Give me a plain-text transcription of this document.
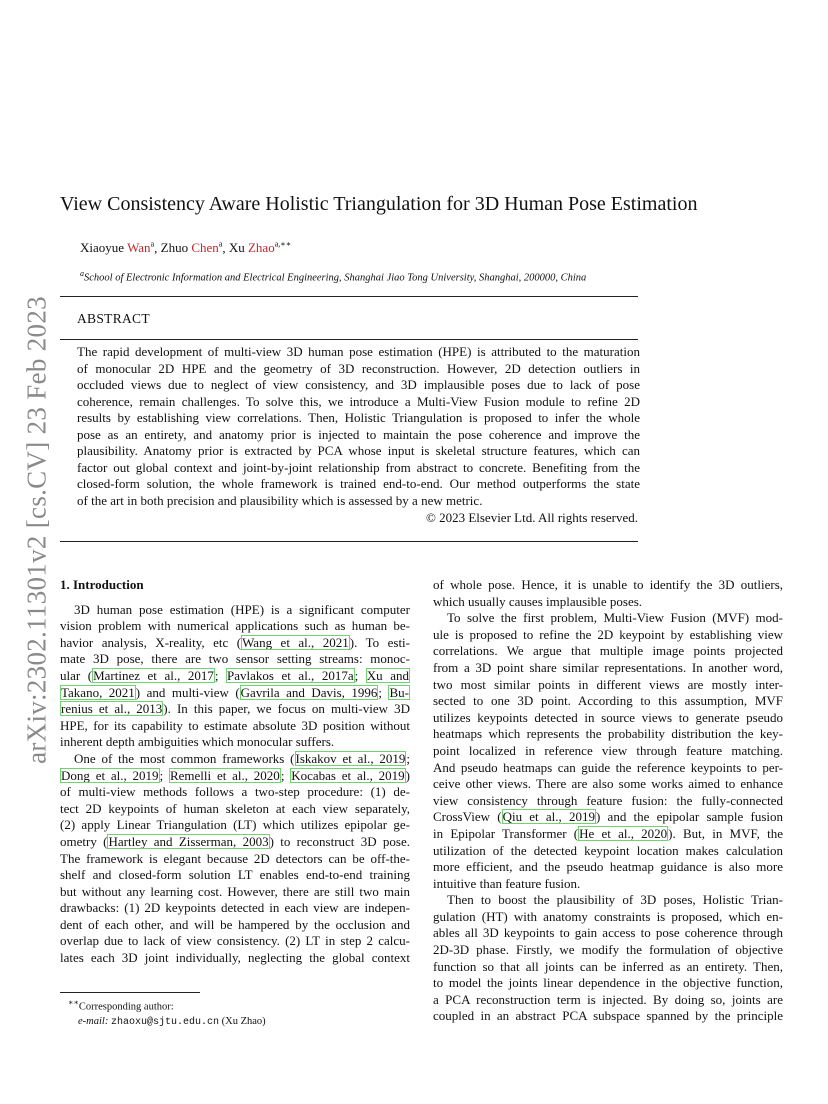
arXiv:2302.11301v2 [cs.CV] 23 Feb 2023
View Consistency Aware Holistic Triangulation for 3D Human Pose Estimation
Xiaoyue Wan$^a$, Zhuo Chen$^a$, Xu Zhao$^{a,∗∗}$
$^a$School of Electronic Information and Electrical Engineering, Shanghai Jiao Tong University, Shanghai, 200000, China
ABSTRACT
The rapid development of multi-view 3D human pose estimation (HPE) is attributed to the maturation
of monocular 2D HPE and the geometry of 3D reconstruction. However, 2D detection outliers in
occluded views due to neglect of view consistency, and 3D implausible poses due to lack of pose
coherence, remain challenges. To solve this, we introduce a Multi-View Fusion module to refine 2D
results by establishing view correlations. Then, Holistic Triangulation is proposed to infer the whole
pose as an entirety, and anatomy prior is injected to maintain the pose coherence and improve the
plausibility. Anatomy prior is extracted by PCA whose input is skeletal structure features, which can
factor out global context and joint-by-joint relationship from abstract to concrete. Benefiting from the
closed-form solution, the whole framework is trained end-to-end. Our method outperforms the state
of the art in both precision and plausibility which is assessed by a new metric.
© 2023 Elsevier Ltd. All rights reserved.
1. Introduction
3D human pose estimation (HPE) is a significant computer
vision problem with numerical applications such as human be-
havior analysis, X-reality, etc (Wang et al., 2021). To esti-
mate 3D pose, there are two sensor setting streams: monoc-
ular (Martinez et al., 2017; Pavlakos et al., 2017a; Xu and
Takano, 2021) and multi-view (Gavrila and Davis, 1996; Bu-
renius et al., 2013). In this paper, we focus on multi-view 3D
HPE, for its capability to estimate absolute 3D position without
inherent depth ambiguities which monocular suffers.
One of the most common frameworks (Iskakov et al., 2019;
Dong et al., 2019; Remelli et al., 2020; Kocabas et al., 2019)
of multi-view methods follows a two-step procedure: (1) de-
tect 2D keypoints of human skeleton at each view separately,
(2) apply Linear Triangulation (LT) which utilizes epipolar ge-
ometry (Hartley and Zisserman, 2003) to reconstruct 3D pose.
The framework is elegant because 2D detectors can be off-the-
shelf and closed-form solution LT enables end-to-end training
but without any learning cost. However, there are still two main
drawbacks: (1) 2D keypoints detected in each view are indepen-
dent of each other, and will be hampered by the occlusion and
overlap due to lack of view consistency. (2) LT in step 2 calcu-
lates each 3D joint individually, neglecting the global context
of whole pose. Hence, it is unable to identify the 3D outliers,
which usually causes implausible poses.
To solve the first problem, Multi-View Fusion (MVF) mod-
ule is proposed to refine the 2D keypoint by establishing view
correlations. We argue that multiple image points projected
from a 3D point share similar representations. In another word,
two most similar points in different views are mostly inter-
sected to one 3D point. According to this assumption, MVF
utilizes keypoints detected in source views to generate pseudo
heatmaps which represents the probability distribution the key-
point localized in reference view through feature matching.
And pseudo heatmaps can guide the reference keypoints to per-
ceive other views. There are also some works aimed to enhance
view consistency through feature fusion: the fully-connected
CrossView (Qiu et al., 2019) and the epipolar sample fusion
in Epipolar Transformer (He et al., 2020). But, in MVF, the
utilization of the detected keypoint location makes calculation
more efficient, and the pseudo heatmap guidance is also more
intuitive than feature fusion.
Then to boost the plausibility of 3D poses, Holistic Trian-
gulation (HT) with anatomy constraints is proposed, which en-
ables all 3D keypoints to gain access to pose coherence through
2D-3D phase. Firstly, we modify the formulation of objective
function so that all joints can be inferred as an entirety. Then,
to model the joints linear dependence in the objective function,
a PCA reconstruction term is injected. By doing so, joints are
coupled in an abstract PCA subspace spanned by the principle
∗∗Corresponding author:
e-mail: zhaoxu@sjtu.edu.cn (Xu Zhao)
